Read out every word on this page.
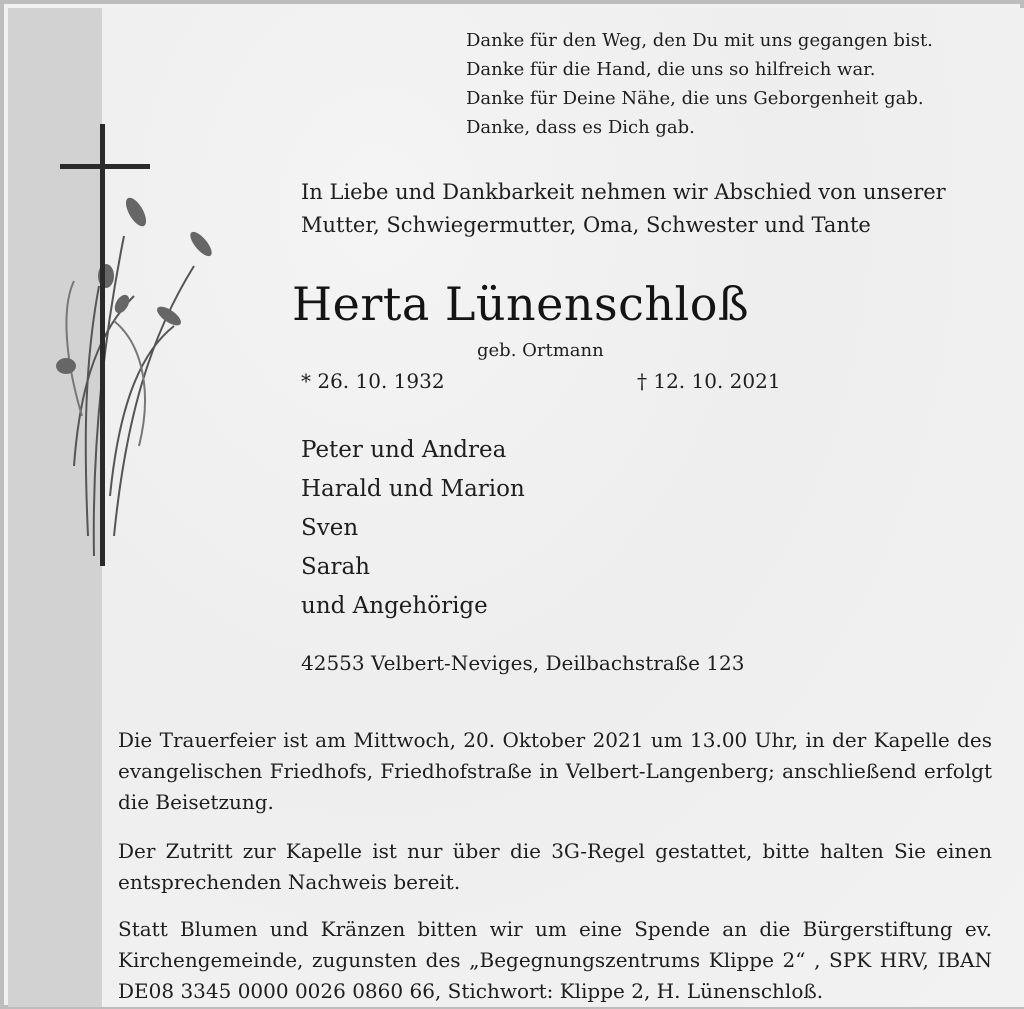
Danke für den Weg, den Du mit uns gegangen bist.
Danke für die Hand, die uns so hilfreich war.
Danke für Deine Nähe, die uns Geborgenheit gab.
Danke, dass es Dich gab.
In Liebe und Dankbarkeit nehmen wir Abschied von unserer
Mutter, Schwiegermutter, Oma, Schwester und Tante
Herta Lünenschloß
geb. Ortmann
* 26. 10. 1932	† 12. 10. 2021
Peter und Andrea
Harald und Marion
Sven
Sarah
und Angehörige
42553 Velbert-Neviges, Deilbachstraße 123

Die Trauerfeier ist am Mittwoch, 20. Oktober 2021 um 13.00 Uhr, in der Kapelle des evangelischen Friedhofs, Friedhofstraße in Velbert-Langenberg; anschließend erfolgt die Beisetzung.

Der Zutritt zur Kapelle ist nur über die 3G-Regel gestattet, bitte halten Sie einen entsprechenden Nachweis bereit.

Statt Blumen und Kränzen bitten wir um eine Spende an die Bürgerstiftung ev. Kirchengemeinde, zugunsten des „Begegnungszentrums Klippe 2“ , SPK HRV, IBAN DE08 3345 0000 0026 0860 66, Stichwort: Klippe 2, H. Lünenschloß.
